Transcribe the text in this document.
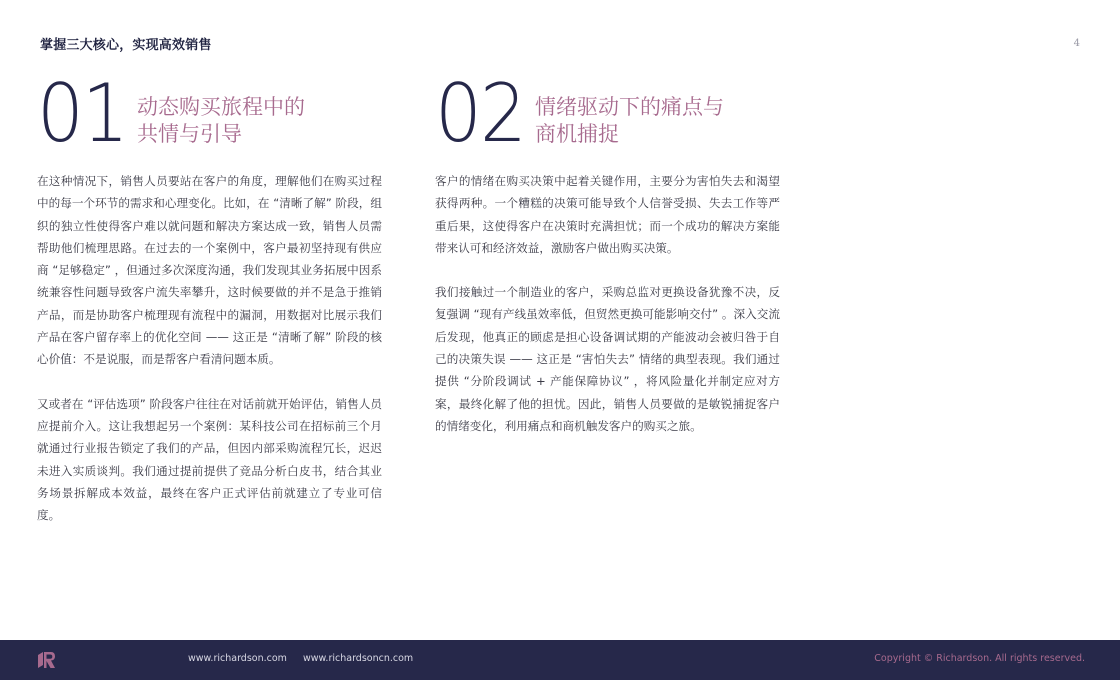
掌握三大核心，实现高效销售	4
01 动态购买旅程中的
共情与引导

在这种情况下，销售人员要站在客户的角度，理解他们在购买过程中的每一个环节的需求和心理变化。比如，在 “清晰了解” 阶段，组织的独立性使得客户难以就问题和解决方案达成一致，销售人员需帮助他们梳理思路。在过去的一个案例中，客户最初坚持现有供应商 “足够稳定” ，但通过多次深度沟通，我们发现其业务拓展中因系统兼容性问题导致客户流失率攀升，这时候要做的并不是急于推销产品，而是协助客户梳理现有流程中的漏洞，用数据对比展示我们产品在客户留存率上的优化空间 —— 这正是 “清晰了解” 阶段的核心价值：不是说服，而是帮客户看清问题本质。

又或者在 “评估选项” 阶段客户往往在对话前就开始评估，销售人员应提前介入。这让我想起另一个案例：某科技公司在招标前三个月就通过行业报告锁定了我们的产品，但因内部采购流程冗长，迟迟未进入实质谈判。我们通过提前提供了竞品分析白皮书，结合其业务场景拆解成本效益，最终在客户正式评估前就建立了专业可信度。

02 情绪驱动下的痛点与
商机捕捉

客户的情绪在购买决策中起着关键作用，主要分为害怕失去和渴望获得两种。一个糟糕的决策可能导致个人信誉受损、失去工作等严重后果，这使得客户在决策时充满担忧；而一个成功的解决方案能带来认可和经济效益，激励客户做出购买决策。

我们接触过一个制造业的客户，采购总监对更换设备犹豫不决，反复强调 “现有产线虽效率低，但贸然更换可能影响交付” 。深入交流后发现，他真正的顾虑是担心设备调试期的产能波动会被归咎于自己的决策失误 —— 这正是 “害怕失去” 情绪的典型表现。我们通过提供 “分阶段调试 + 产能保障协议” ，将风险量化并制定应对方案，最终化解了他的担忧。因此，销售人员要做的是敏锐捕捉客户的情绪变化，利用痛点和商机触发客户的购买之旅。

www.richardson.com www.richardsoncn.com	Copyright © Richardson. All rights reserved.
